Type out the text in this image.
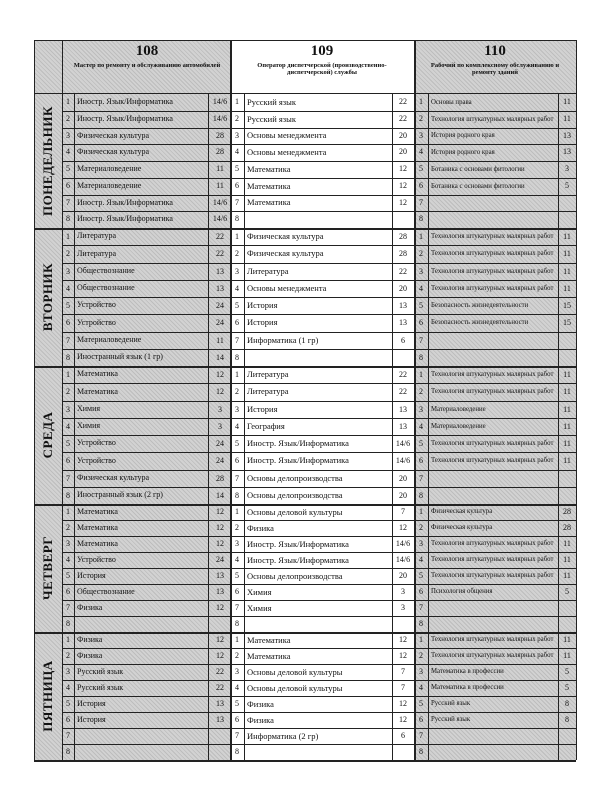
108
Мастер по ремонту и обслуживанию автомобилей
109
Оператор диспетчерской (производственно-диспетчерской) службы
110
Рабочий по комплексному обслуживанию и ремонту зданий
ПОНЕДЕЛЬНИК
ВТОРНИК
СРЕДА
ЧЕТВЕРГ
ПЯТНИЦА
1 Иностр. Язык/Информатика	14/6
2 Иностр. Язык/Информатика	14/6
3 Физическая культура	28
4 Физическая культура	28
5 Материаловедение	11
6 Материаловедение	11
7 Иностр. Язык/Информатика	14/6
8 Иностр. Язык/Информатика	14/6
1 Русский язык	22
2 Русский язык	22
3 Основы менеджмента	20
4 Основы менеджмента	20
5 Математика	12
6 Математика	12
7 Математика	12
8
1	Основы права	11
2	Технология штукатурных малярных работ	11
3	История родного края	13
4	История родного края	13
5	Ботаника с основами фитологии	3
6	Ботаника с основами фитологии	5
7
8
1 Литература	22
2 Литература	22
3 Обществознание	13
4 Обществознание	13
5 Устройство	24
6 Устройство	24
7 Материаловедение	11
8 Иностранный язык (1 гр)	14
1 Физическая культура	28
2 Физическая культура	28
3 Литература	22
4 Основы менеджмента	20
5 История	13
6 История	13
7 Информатика (1 гр)	6
8
1	Технология штукатурных малярных работ	11
2	Технология штукатурных малярных работ	11
3	Технология штукатурных малярных работ	11
4	Технология штукатурных малярных работ	11
5	Безопасность жизнедеятельности	15
6	Безопасность жизнедеятельности	15
7
8
1 Математика	12
2 Математика	12
3 Химия	3
4 Химия	3
5 Устройство	24
6 Устройство	24
7 Физическая культура	28
8 Иностранный язык (2 гр)	14
1 Литература	22
2 Литература	22
3 История	13
4 География	13
5 Иностр. Язык/Информатика	14/6
6 Иностр. Язык/Информатика	14/6
7 Основы делопроизводства	20
8 Основы делопроизводства	20
1	Технология штукатурных малярных работ	11
2	Технология штукатурных малярных работ	11
3	Материаловедение	11
4	Материаловедение	11
5	Технология штукатурных малярных работ	11
6	Технология штукатурных малярных работ	11
7
8
1 Математика	12
2 Математика	12
3 Математика	12
4 Устройство	24
5 История	13
6 Обществознание	13
7 Физика	12
8
1 Основы деловой культуры	7
2 Физика	12
3 Иностр. Язык/Информатика	14/6
4 Иностр. Язык/Информатика	14/6
5 Основы делопроизводства	20
6 Химия	3
7 Химия	3
8
1	Физическая культура	28
2	Физическая культура	28
3	Технология штукатурных малярных работ	11
4	Технология штукатурных малярных работ	11
5	Технология штукатурных малярных работ	11
6	Психология общения	5
7
8
1 Физика	12
2 Физика	12
3 Русский язык	22
4 Русский язык	22
5 История	13
6 История	13
7
8
1 Математика	12
2 Математика	12
3 Основы деловой культуры	7
4 Основы деловой культуры	7
5 Физика	12
6 Физика	12
7 Информатика (2 гр)	6
8
1	Технология штукатурных малярных работ	11
2	Технология штукатурных малярных работ	11
3	Математика в профессии	5
4	Математика в профессии	5
5	Русский язык	8
6	Русский язык	8
7
8
